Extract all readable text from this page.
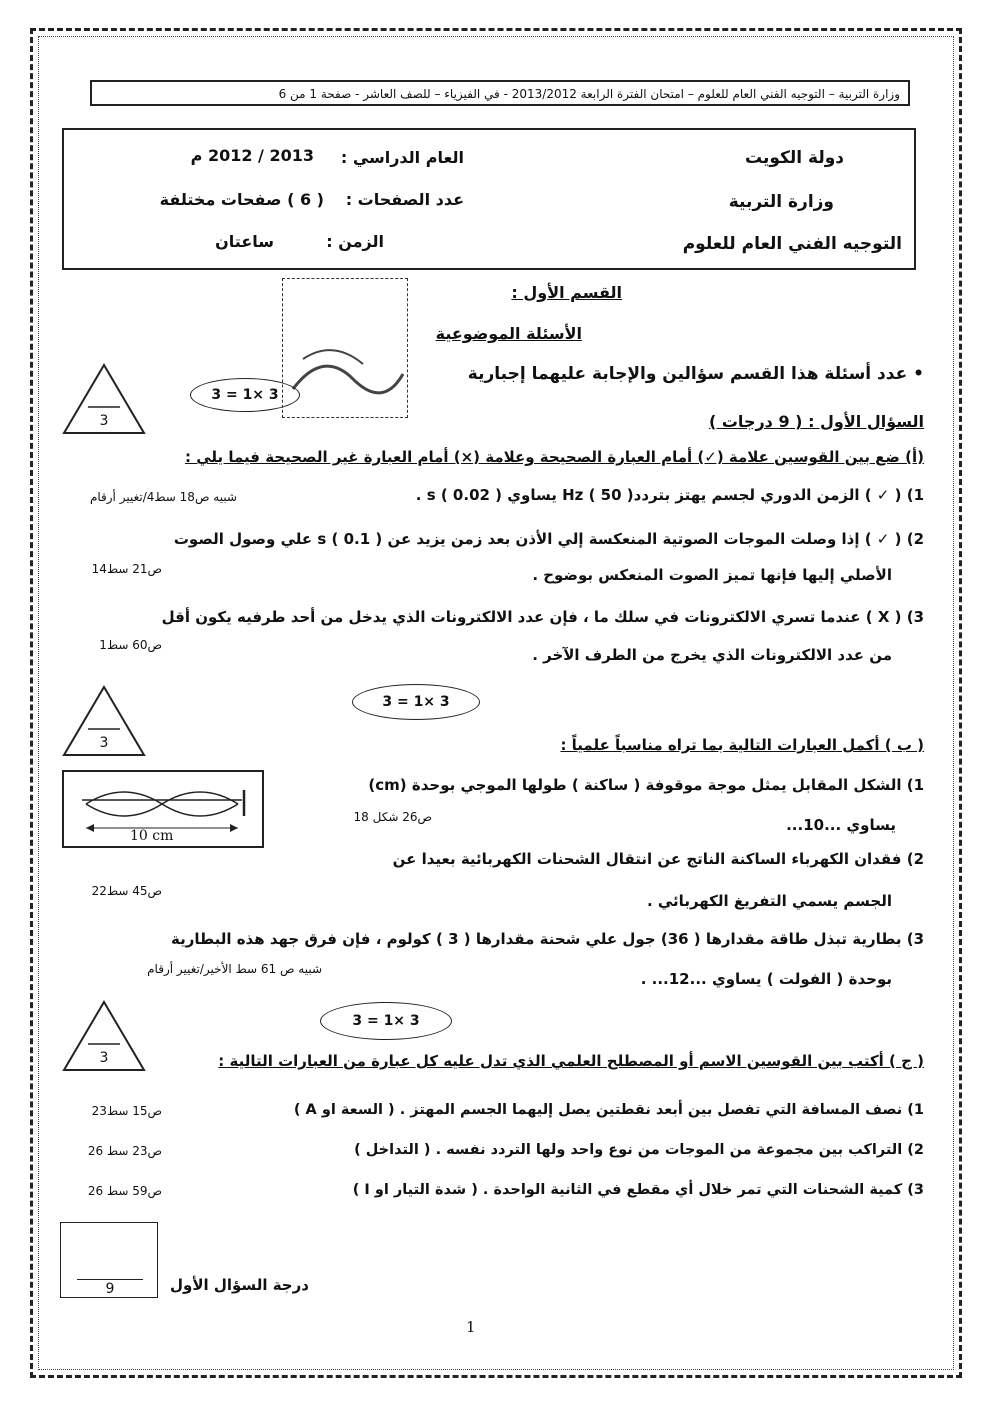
وزارة التربية – التوجيه الفني العام للعلوم – امتحان الفترة الرابعة 2013/2012 - في الفيزياء – للصف العاشر - صفحة 1 من 6
دولة الكويت
وزارة التربية
التوجيه الفني العام للعلوم
العام الدراسي :
2013 / 2012 م
عدد الصفحات :
( 6 ) صفحات مختلفة
الزمن :
ساعتان
القسم الأول :
الأسئلة الموضوعية
• عدد أسئلة هذا القسم سؤالين والإجابة عليهما إجبارية
السؤال الأول : ( 9 درجات )
3
3 = 1× 3
(أ) ضع بين القوسين علامة (✓) أمام العبارة الصحيحة وعلامة (×) أمام العبارة غير الصحيحة فيما يلي :
1) ( ✓ ) الزمن الدوري لجسم يهتز بترددHz ( 50 ) يساوي s ( 0.02 ) .
شبيه ص18 سط4/تغيير أرقام
2) ( ✓ ) إذا وصلت الموجات الصوتية المنعكسة إلي الأذن بعد زمن يزيد عن s ( 0.1 ) علي وصول الصوت
الأصلي إليها فإنها تميز الصوت المنعكس بوضوح .
ص21 سط14
3) ( X ) عندما تسري الالكترونات في سلك ما ، فإن عدد الالكترونات الذي يدخل من أحد طرفيه يكون أقل
من عدد الالكترونات الذي يخرج من الطرف الآخر .
ص60 سط1
3
3 = 1× 3
( ب ) أكمل العبارات التالية بما تراه مناسباً علمياً :
10 cm
1) الشكل المقابل يمثل موجة موقوفة ( ساكنة ) طولها الموجي بوحدة (cm)
ص26 شكل 18	يساوي ...10...
2) فقدان الكهرباء الساكنة الناتج عن انتقال الشحنات الكهربائية بعيدا عن
ص45 سط22
الجسم يسمي التفريغ الكهربائي .
3) بطارية تبذل طاقة مقدارها ( 36) جول علي شحنة مقدارها ( 3 ) كولوم ، فإن فرق جهد هذه البطارية
شبيه ص 61 سط الأخير/تغيير أرقام
بوحدة ( الفولت ) يساوي ...12... .
3
3 = 1× 3
( ج ) أكتب بين القوسين الاسم أو المصطلح العلمي الذي تدل عليه كل عبارة من العبارات التالية :
1) نصف المسافة التي تفصل بين أبعد نقطتين يصل إليهما الجسم المهتز . ( السعة او A )
ص15 سط23
2) التراكب بين مجموعة من الموجات من نوع واحد ولها التردد نفسه . ( التداخل )
ص23 سط 26
3) كمية الشحنات التي تمر خلال أي مقطع في الثانية الواحدة . ( شدة التيار او I )
ص59 سط 26
9	درجة السؤال الأول
1
